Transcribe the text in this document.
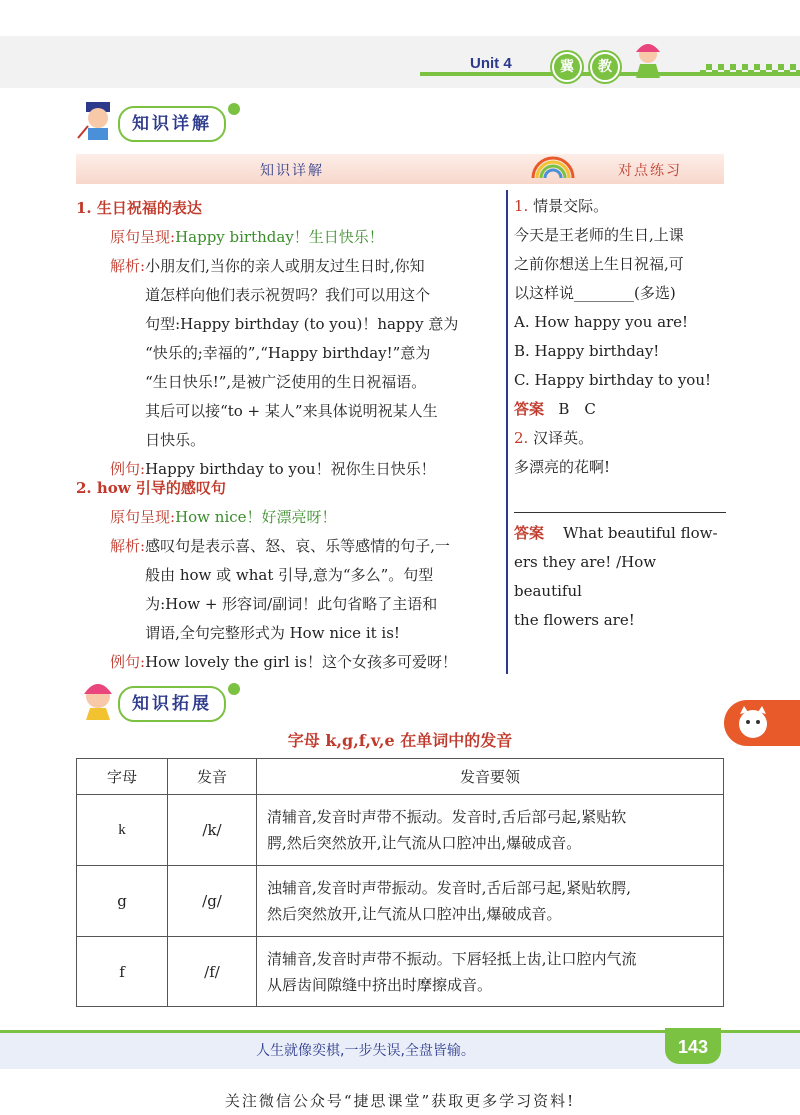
Unit 4	冀	教
知识详解
知识详解	对点练习
1. 生日祝福的表达
原句呈现:Happy birthday！生日快乐！
解析: 小朋友们,当你的亲人或朋友过生日时,你知
道怎样向他们表示祝贺吗？我们可以用这个
句型:Happy birthday (to you)！happy 意为
“快乐的;幸福的”,“Happy birthday!”意为
“生日快乐!”,是被广泛使用的生日祝福语。
其后可以接“to + 某人”来具体说明祝某人生
日快乐。
例句:Happy birthday to you！祝你生日快乐！
2. how 引导的感叹句
原句呈现:How nice！好漂亮呀！
解析: 感叹句是表示喜、怒、哀、乐等感情的句子,一
般由 how 或 what 引导,意为“多么”。句型
为:How + 形容词/副词！此句省略了主语和
谓语,全句完整形式为 How nice it is!
例句:How lovely the girl is！这个女孩多可爱呀！
1. 情景交际。
今天是王老师的生日,上课
之前你想送上生日祝福,可
以这样说________(多选)
A. How happy you are!
B. Happy birthday!
C. Happy birthday to you!
答案 B　C
2. 汉译英。
多漂亮的花啊!
答案 What beautiful flow-
ers they are! /How beautiful
the flowers are!
知识拓展
字母 k,g,f,v,e 在单词中的发音
字母	发音	发音要领
k	/k/	清辅音,发音时声带不振动。发音时,舌后部弓起,紧贴软
腭,然后突然放开,让气流从口腔冲出,爆破成音。

g	/g/	浊辅音,发音时声带振动。发音时,舌后部弓起,紧贴软腭,
然后突然放开,让气流从口腔冲出,爆破成音。

f	/f/	清辅音,发音时声带不振动。下唇轻抵上齿,让口腔内气流
从唇齿间隙缝中挤出时摩擦成音。
人生就像奕棋,一步失误,全盘皆输。	143
关注微信公众号“捷思课堂”获取更多学习资料!
